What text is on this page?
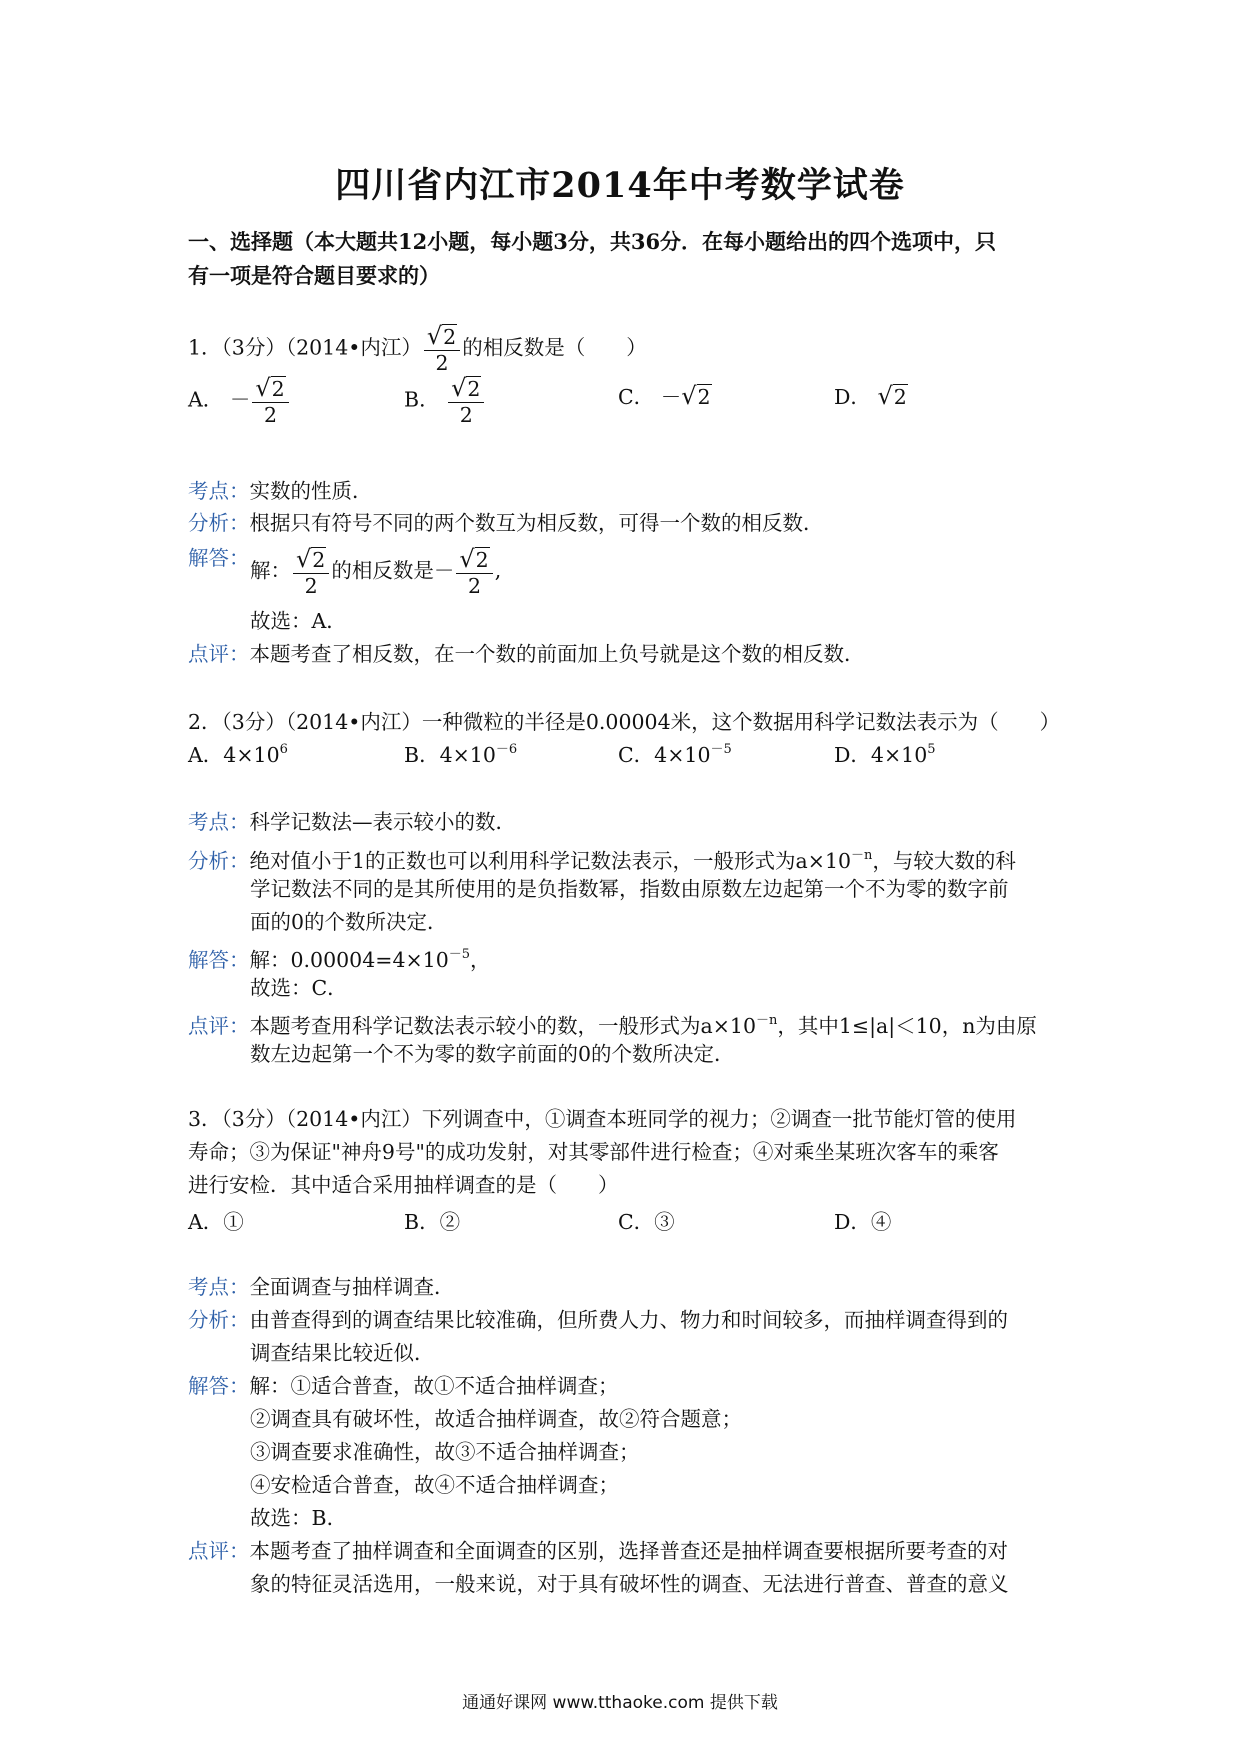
四川省内江市2014年中考数学试卷
一、选择题（本大题共12小题，每小题3分，共36分．在每小题给出的四个选项中，只
有一项是符合题目要求的）
1．（3分）（2014•内江） $\frac{√2}{2}$ 的相反数是（　　）
A． － $\frac{√2}{2}$	B． $\frac{√2}{2}$	C． －√2	D． √2
考点：实数的性质．
分析：根据只有符号不同的两个数互为相反数，可得一个数的相反数．
解答：
解： $\frac{√2}{2}$ 的相反数是－ $\frac{√2}{2}$ ,
故选：A．
点评：本题考查了相反数，在一个数的前面加上负号就是这个数的相反数．
2．（3分）（2014•内江）一种微粒的半径是0.00004米，这个数据用科学记数法表示为（　　）
A．$4\times 10^6$	B．$4\times 10^{-6}$	C．$4\times 10^{-5}$	D．$4\times 10^5$
考点：科学记数法—表示较小的数．
分析：绝对值小于1的正数也可以利用科学记数法表示，一般形式为$a\times 10^{-n}$，与较大数的科
学记数法不同的是其所使用的是负指数幂，指数由原数左边起第一个不为零的数字前
面的0的个数所决定．
解答：解：$0.00004=4\times 10^{-5}$，
故选：C．
点评：本题考查用科学记数法表示较小的数，一般形式为$a\times 10^{-n}$，其中1≤|a|＜10，n为由原
数左边起第一个不为零的数字前面的0的个数所决定．
3．（3分）（2014•内江）下列调查中，①调查本班同学的视力；②调查一批节能灯管的使用
寿命；③为保证"神舟9号"的成功发射，对其零部件进行检查；④对乘坐某班次客车的乘客
进行安检．其中适合采用抽样调查的是（　　）
A．①	B．②	C．③	D．④
考点：全面调查与抽样调查．
分析：由普查得到的调查结果比较准确，但所费人力、物力和时间较多，而抽样调查得到的
调查结果比较近似．
解答：解：①适合普查，故①不适合抽样调查；
②调查具有破坏性，故适合抽样调查，故②符合题意；
③调查要求准确性，故③不适合抽样调查；
④安检适合普查，故④不适合抽样调查；
故选：B．
点评：本题考查了抽样调查和全面调查的区别，选择普查还是抽样调查要根据所要考查的对
象的特征灵活选用，一般来说，对于具有破坏性的调查、无法进行普查、普查的意义
通通好课网 www.tthaoke.com 提供下载
